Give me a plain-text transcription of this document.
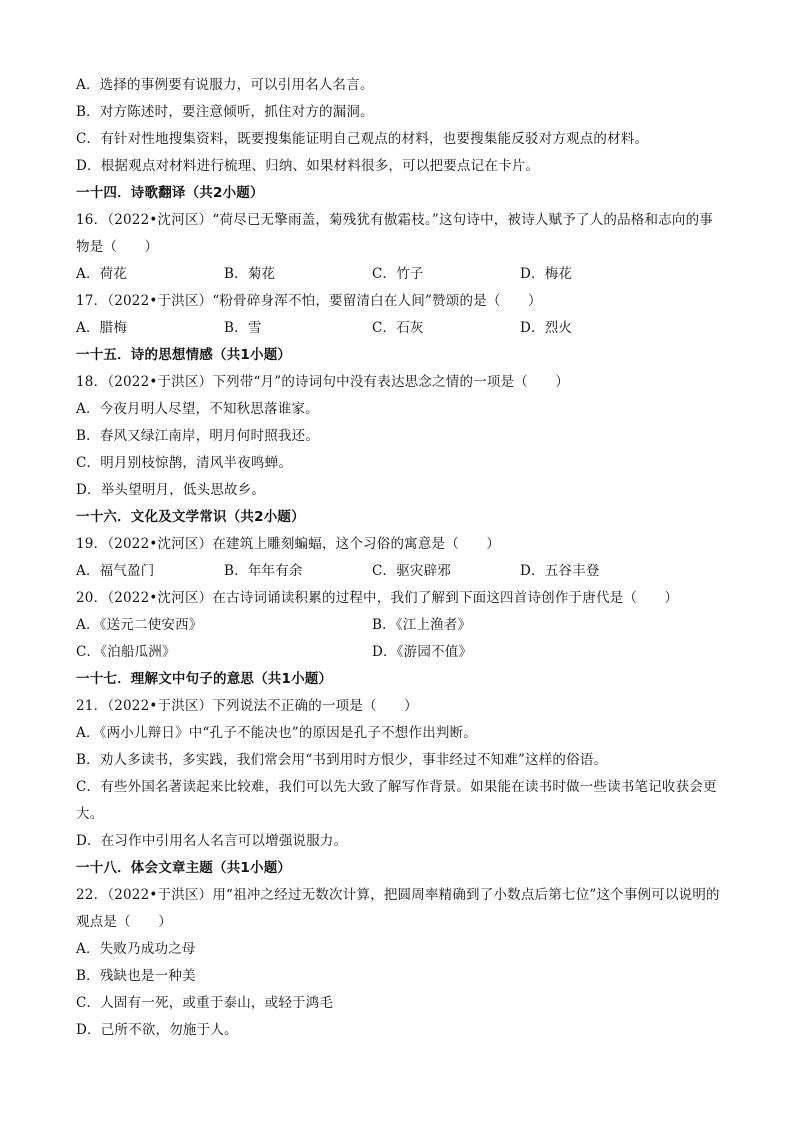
A．选择的事例要有说服力，可以引用名人名言。
B．对方陈述时，要注意倾听，抓住对方的漏洞。
C．有针对性地搜集资料，既要搜集能证明自己观点的材料，也要搜集能反驳对方观点的材料。
D．根据观点对材料进行梳理、归纳、如果材料很多，可以把要点记在卡片。
一十四．诗歌翻译（共2小题）
16．（2022•沈河区）“荷尽已无擎雨盖，菊残犹有傲霜枝。”这句诗中，被诗人赋予了人的品格和志向的事物是（　　）
A．荷花	B．菊花	C．竹子	D．梅花
17．（2022•于洪区）“粉骨碎身浑不怕，要留清白在人间”赞颂的是（　　）
A．腊梅	B．雪	C．石灰	D．烈火
一十五．诗的思想情感（共1小题）
18．（2022•于洪区）下列带“月”的诗词句中没有表达思念之情的一项是（　　）
A．今夜月明人尽望，不知秋思落谁家。
B．春风又绿江南岸，明月何时照我还。
C．明月别枝惊鹊，清风半夜鸣蝉。
D．举头望明月，低头思故乡。
一十六．文化及文学常识（共2小题）
19．（2022•沈河区）在建筑上雕刻蝙蝠，这个习俗的寓意是（　　）
A．福气盈门	B．年年有余	C．驱灾辟邪	D．五谷丰登
20．（2022•沈河区）在古诗词诵读积累的过程中，我们了解到下面这四首诗创作于唐代是（　　）
A．《送元二使安西》	B．《江上渔者》
C．《泊船瓜洲》	D．《游园不值》
一十七．理解文中句子的意思（共1小题）
21．（2022•于洪区）下列说法不正确的一项是（　　）
A．《两小儿辩日》中“孔子不能决也”的原因是孔子不想作出判断。
B．劝人多读书，多实践，我们常会用“书到用时方恨少，事非经过不知难”这样的俗语。
C．有些外国名著读起来比较难，我们可以先大致了解写作背景。如果能在读书时做一些读书笔记收获会更大。
D．在习作中引用名人名言可以增强说服力。
一十八．体会文章主题（共1小题）
22．（2022•于洪区）用“祖冲之经过无数次计算，把圆周率精确到了小数点后第七位”这个事例可以说明的观点是（　　）
A．失败乃成功之母
B．残缺也是一种美
C．人固有一死，或重于泰山，或轻于鸿毛
D．己所不欲，勿施于人。
